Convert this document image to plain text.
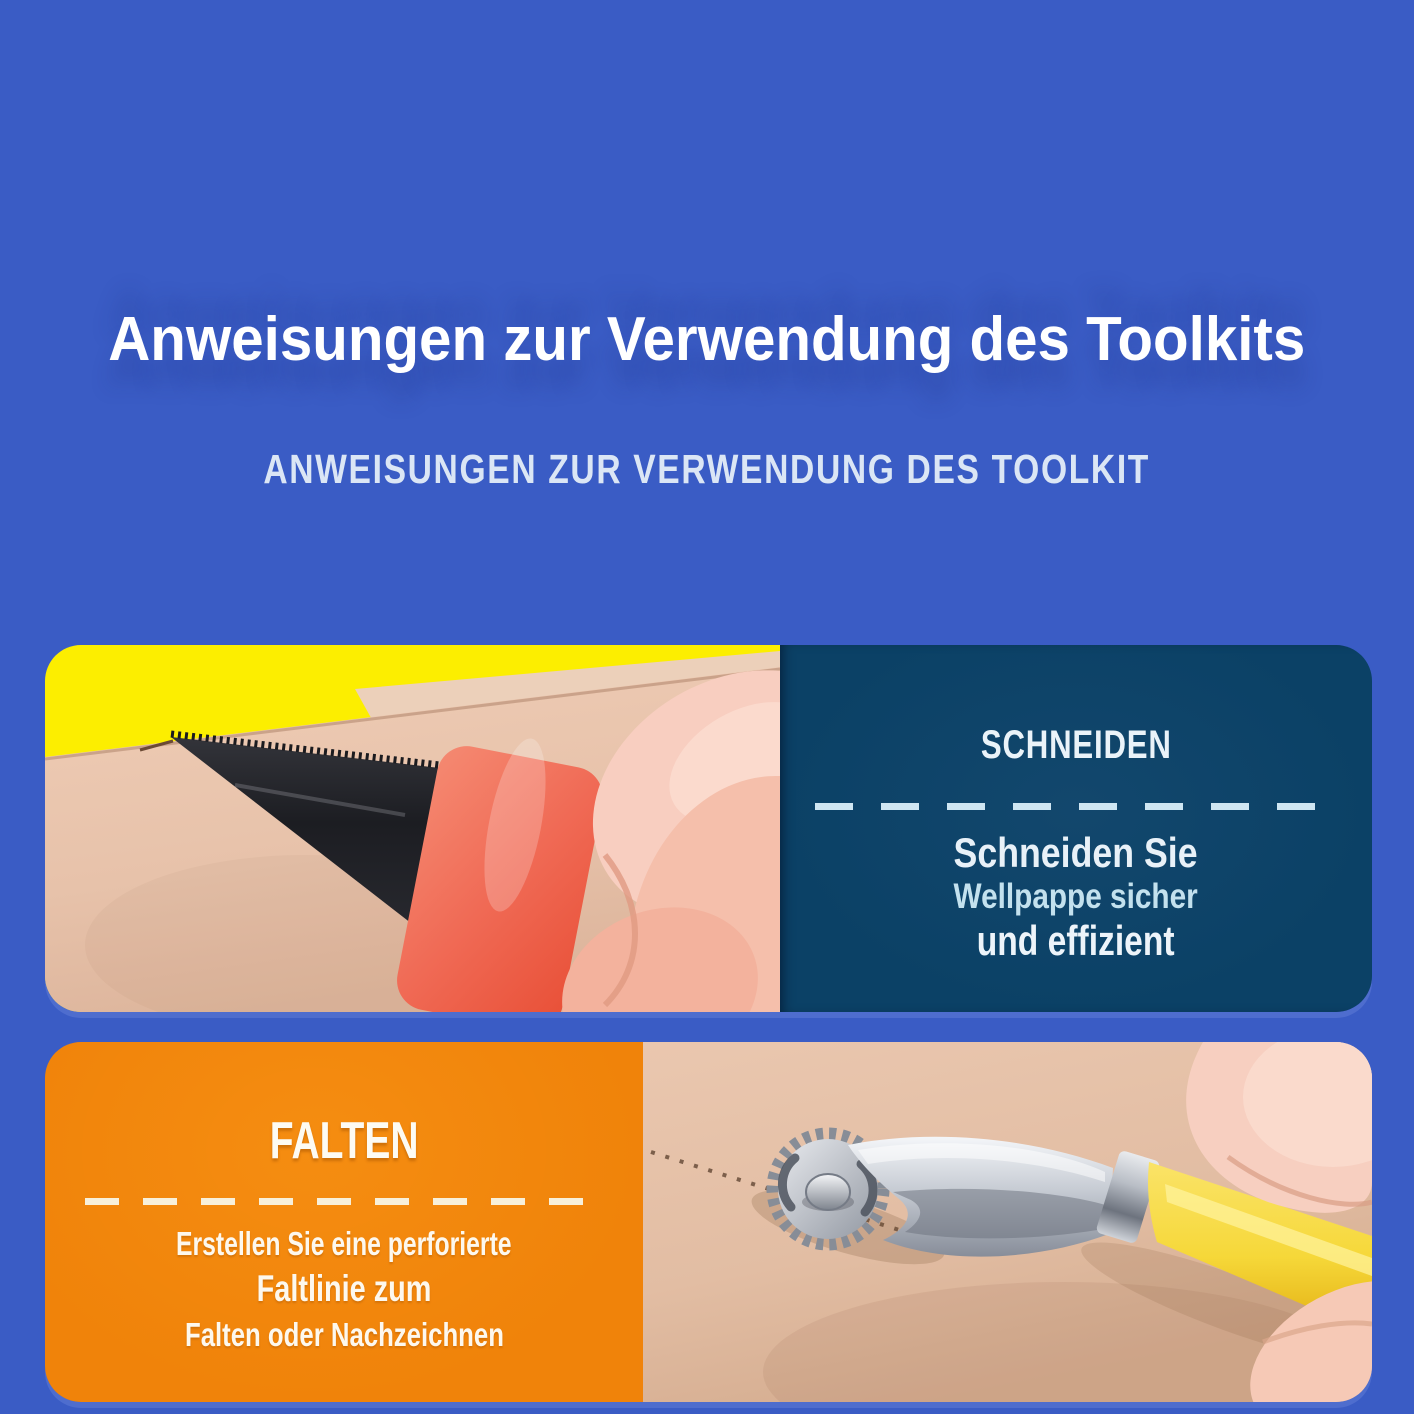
Anweisungen zur Verwendung des Toolkits
ANWEISUNGEN ZUR VERWENDUNG DES TOOLKIT
SCHNEIDEN
Schneiden Sie
Wellpappe sicher
und effizient
FALTEN
Erstellen Sie eine perforierte
Faltlinie zum
Falten oder Nachzeichnen
